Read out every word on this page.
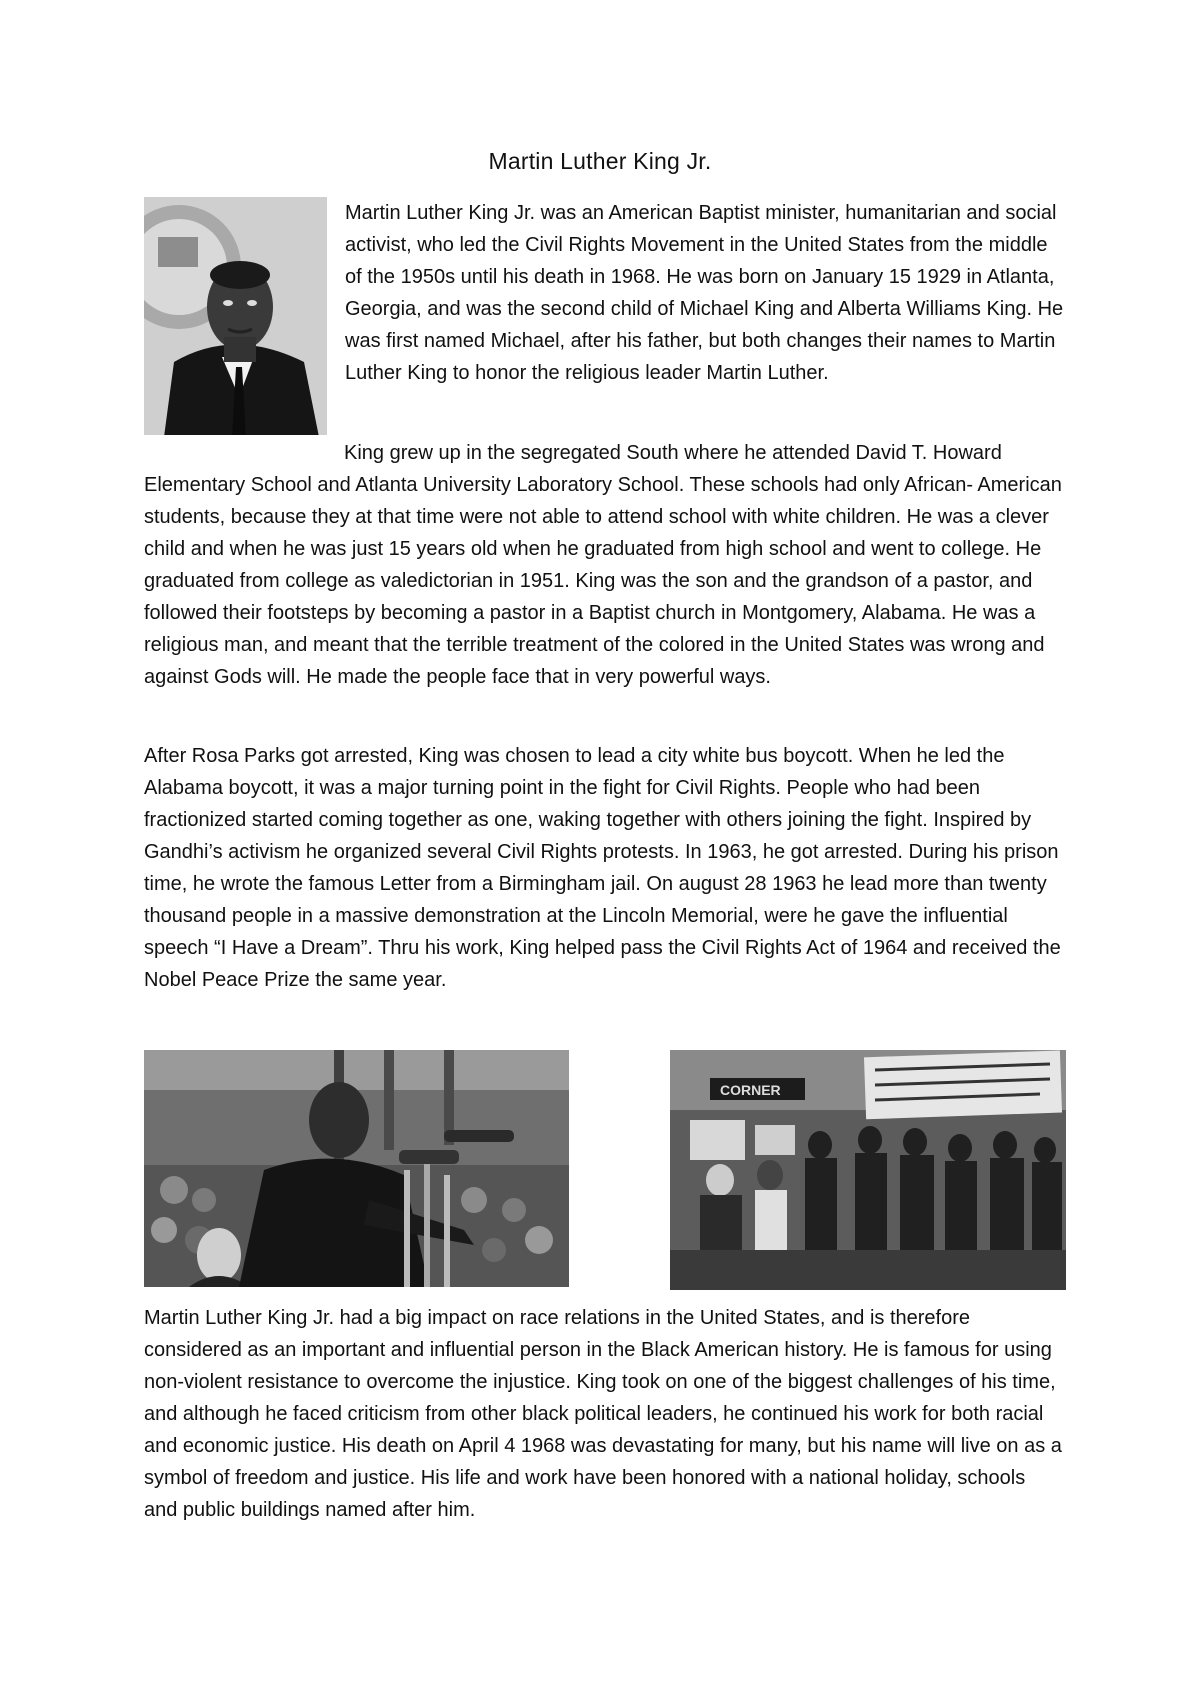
Martin Luther King Jr.
Martin Luther King Jr. was an American Baptist minister, humanitarian and social activist, who led the Civil Rights Movement in the United States from the middle of the 1950s until his death in 1968. He was born on January 15 1929 in Atlanta, Georgia, and was the second child of Michael King and Alberta Williams King. He was first named Michael, after his father, but both changes their names to Martin Luther King to honor the religious leader Martin Luther.

King grew up in the segregated South where he attended David T. Howard Elementary School and Atlanta University Laboratory School. These schools had only African- American students, because they at that time were not able to attend school with white children. He was a clever child and when he was just 15 years old when he graduated from high school and went to college. He graduated from college as valedictorian in 1951. King was the son and the grandson of a pastor, and followed their footsteps by becoming a pastor in a Baptist church in Montgomery, Alabama. He was a religious man, and meant that the terrible treatment of the colored in the United States was wrong and against Gods will. He made the people face that in very powerful ways.

After Rosa Parks got arrested, King was chosen to lead a city white bus boycott. When he led the Alabama boycott, it was a major turning point in the fight for Civil Rights. People who had been fractionized started coming together as one, waking together with others joining the fight. Inspired by Gandhi’s activism he organized several Civil Rights protests. In 1963, he got arrested. During his prison time, he wrote the famous Letter from a Birmingham jail. On august 28 1963 he lead more than twenty thousand people in a massive demonstration at the Lincoln Memorial, were he gave the influential speech “I Have a Dream”. Thru his work, King helped pass the Civil Rights Act of 1964 and received the Nobel Peace Prize the same year.

CORNER

Martin Luther King Jr. had a big impact on race relations in the United States, and is therefore considered as an important and influential person in the Black American history. He is famous for using non-violent resistance to overcome the injustice. King took on one of the biggest challenges of his time, and although he faced criticism from other black political leaders, he continued his work for both racial and economic justice. His death on April 4 1968 was devastating for many, but his name will live on as a symbol of freedom and justice. His life and work have been honored with a national holiday, schools and public buildings named after him.
